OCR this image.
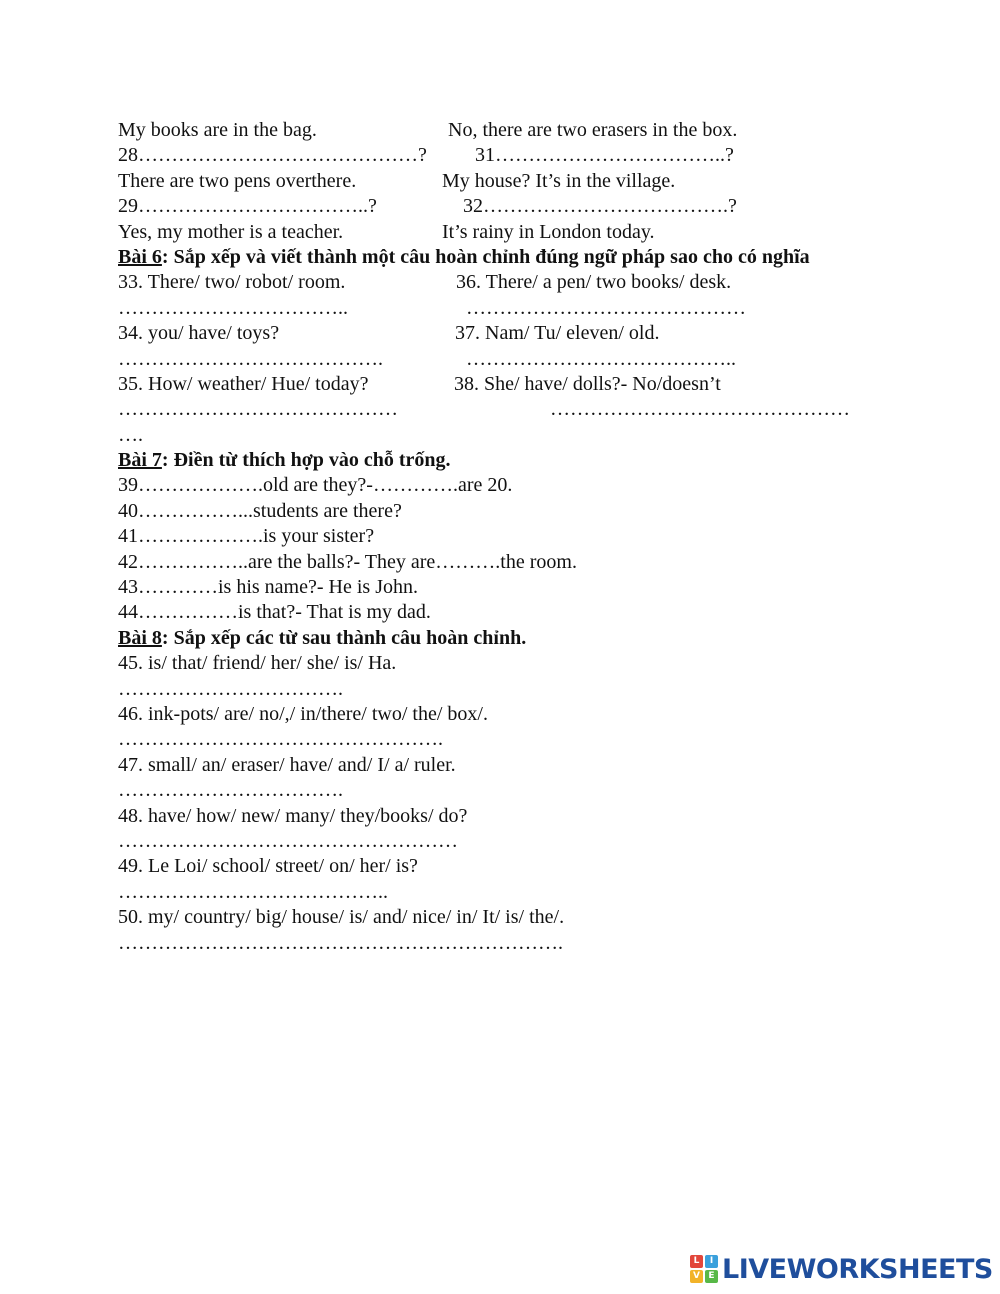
My books are in the bag.	No, there are two erasers in the box.
28……………………………………? 31……………………………..?
There are two pens overthere.	My house? It’s in the village.
29……………………………..?	32……………………………….?
Yes, my mother is a teacher.	It’s rainy in London today.
Bài 6: Sắp xếp và viết thành một câu hoàn chỉnh đúng ngữ pháp sao cho có nghĩa
33. There/ two/ robot/ room.	36. There/ a pen/ two books/ desk.
……………………………..	……………………………………
34. you/ have/ toys?	37. Nam/ Tu/ eleven/ old.
………………………………….	…………………………………..
35. How/ weather/ Hue/ today?	38. She/ have/ dolls?- No/doesn’t
……………………………………	………………………………………
….
Bài 7: Điền từ thích hợp vào chỗ trống.
39……………….old are they?-………….are 20.
40……………...students are there?
41……………….is your sister?
42……………..are the balls?- They are……….the room.
43…………is his name?- He is John.
44……………is that?- That is my dad.
Bài 8: Sắp xếp các từ sau thành câu hoàn chỉnh.
45. is/ that/ friend/ her/ she/ is/ Ha.
…………………………….
46. ink-pots/ are/ no/,/ in/there/ two/ the/ box/.
………………………………………….
47. small/ an/ eraser/ have/ and/ I/ a/ ruler.
…………………………….
48. have/ how/ new/ many/ they/books/ do?
……………………………………………
49. Le Loi/ school/ street/ on/ her/ is?
…………………………………..
50. my/ country/ big/ house/ is/ and/ nice/ in/ It/ is/ the/.
………………………………………………………….
L	I
V E LIVEWORKSHEETS
